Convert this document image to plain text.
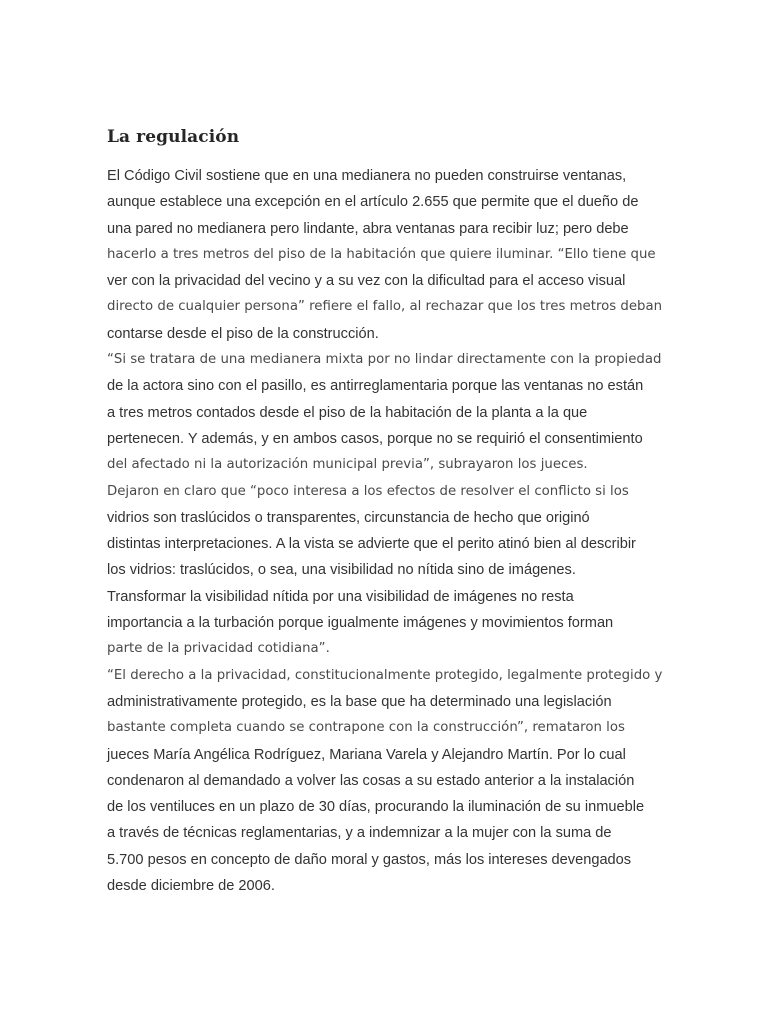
La regulación

El Código Civil sostiene que en una medianera no pueden construirse ventanas,
aunque establece una excepción en el artículo 2.655 que permite que el dueño de
una pared no medianera pero lindante, abra ventanas para recibir luz; pero debe
hacerlo a tres metros del piso de la habitación que quiere iluminar. “Ello tiene que
ver con la privacidad del vecino y a su vez con la dificultad para el acceso visual
directo de cualquier persona” refiere el fallo, al rechazar que los tres metros deban
contarse desde el piso de la construcción.

“Si se tratara de una medianera mixta por no lindar directamente con la propiedad
de la actora sino con el pasillo, es antirreglamentaria porque las ventanas no están
a tres metros contados desde el piso de la habitación de la planta a la que
pertenecen. Y además, y en ambos casos, porque no se requirió el consentimiento
del afectado ni la autorización municipal previa”, subrayaron los jueces.

Dejaron en claro que “poco interesa a los efectos de resolver el conflicto si los
vidrios son traslúcidos o transparentes, circunstancia de hecho que originó
distintas interpretaciones. A la vista se advierte que el perito atinó bien al describir
los vidrios: traslúcidos, o sea, una visibilidad no nítida sino de imágenes.
Transformar la visibilidad nítida por una visibilidad de imágenes no resta
importancia a la turbación porque igualmente imágenes y movimientos forman
parte de la privacidad cotidiana”.

“El derecho a la privacidad, constitucionalmente protegido, legalmente protegido y
administrativamente protegido, es la base que ha determinado una legislación
bastante completa cuando se contrapone con la construcción”, remataron los
jueces María Angélica Rodríguez, Mariana Varela y Alejandro Martín. Por lo cual
condenaron al demandado a volver las cosas a su estado anterior a la instalación
de los ventiluces en un plazo de 30 días, procurando la iluminación de su inmueble
a través de técnicas reglamentarias, y a indemnizar a la mujer con la suma de
5.700 pesos en concepto de daño moral y gastos, más los intereses devengados
desde diciembre de 2006.
